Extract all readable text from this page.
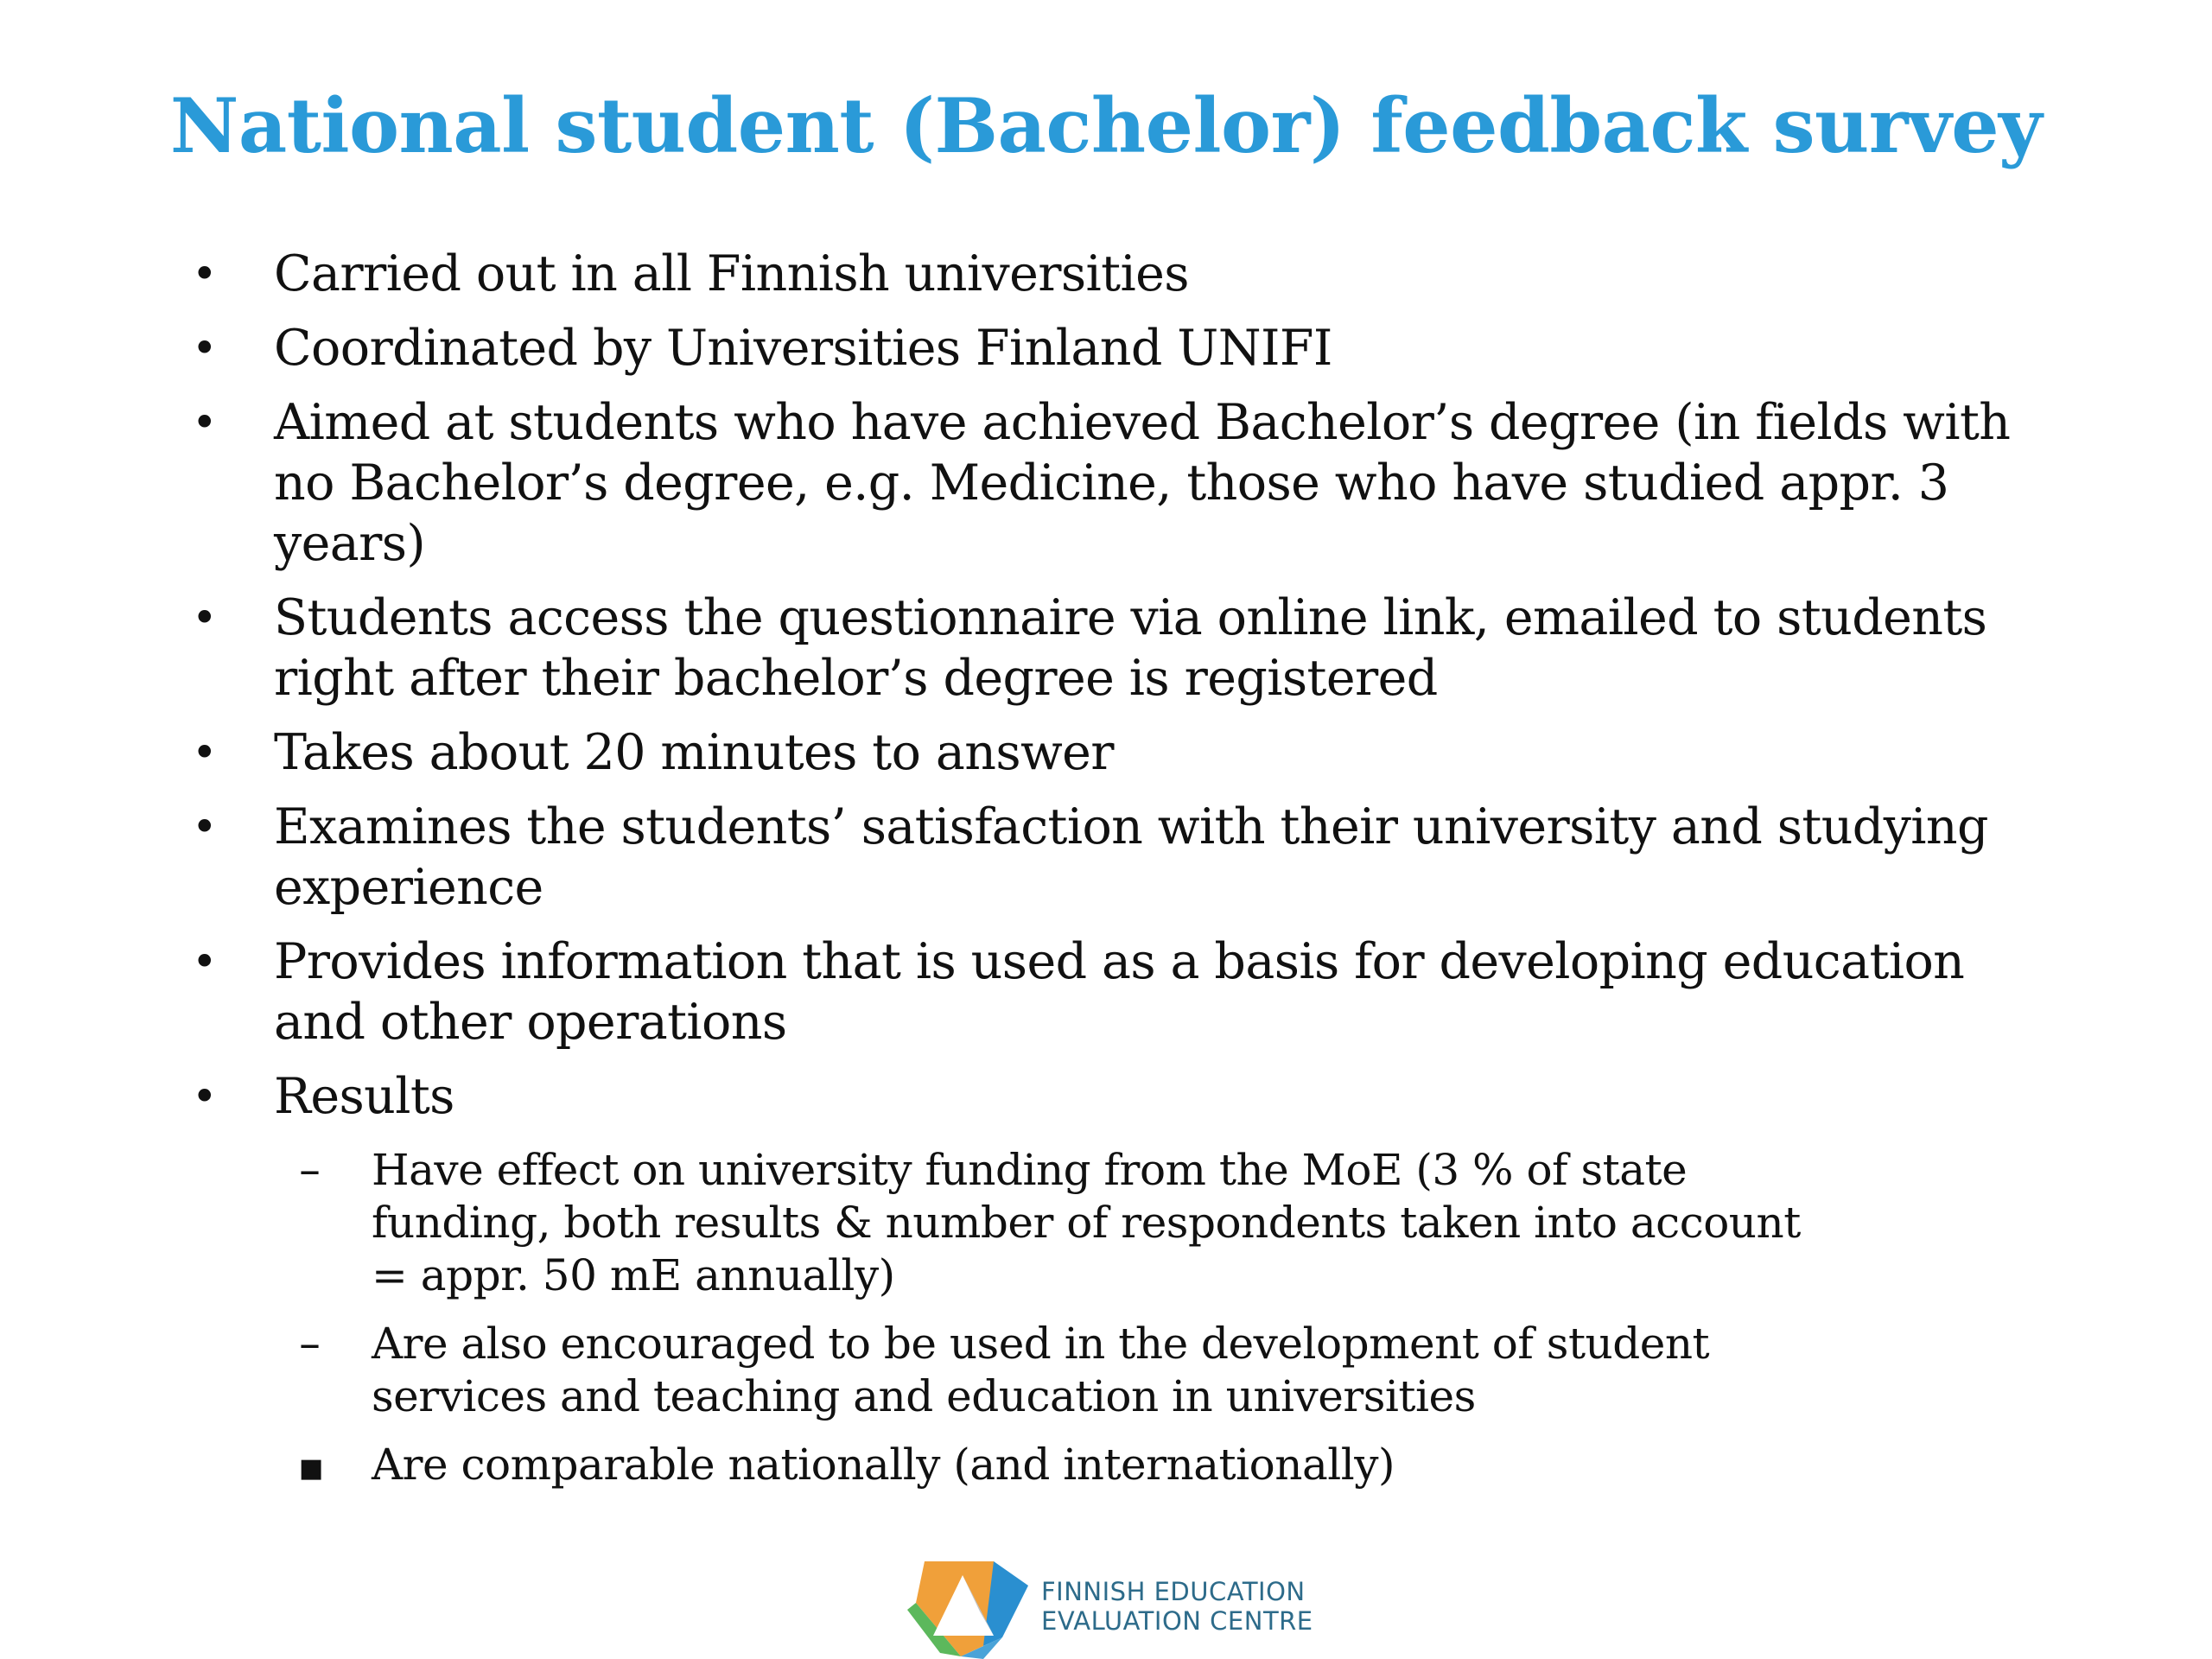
National student (Bachelor) feedback survey
• Carried out in all Finnish universities
• Coordinated by Universities Finland UNIFI
• Aimed at students who have achieved Bachelor’s degree (in fields with no Bachelor’s degree, e.g. Medicine, those who have studied appr. 3 years)
• Students access the questionnaire via online link, emailed to students right after their bachelor’s degree is registered
• Takes about 20 minutes to answer
• Examines the students’ satisfaction with their university and studying experience
• Provides information that is used as a basis for developing education and other operations
• Results
– Have effect on university funding from the MoE (3 % of state funding, both results & number of respondents taken into account = appr. 50 mE annually)
– Are also encouraged to be used in the development of student services and teaching and education in universities
■ Are comparable nationally (and internationally)
FINNISH EDUCATION
EVALUATION CENTRE
